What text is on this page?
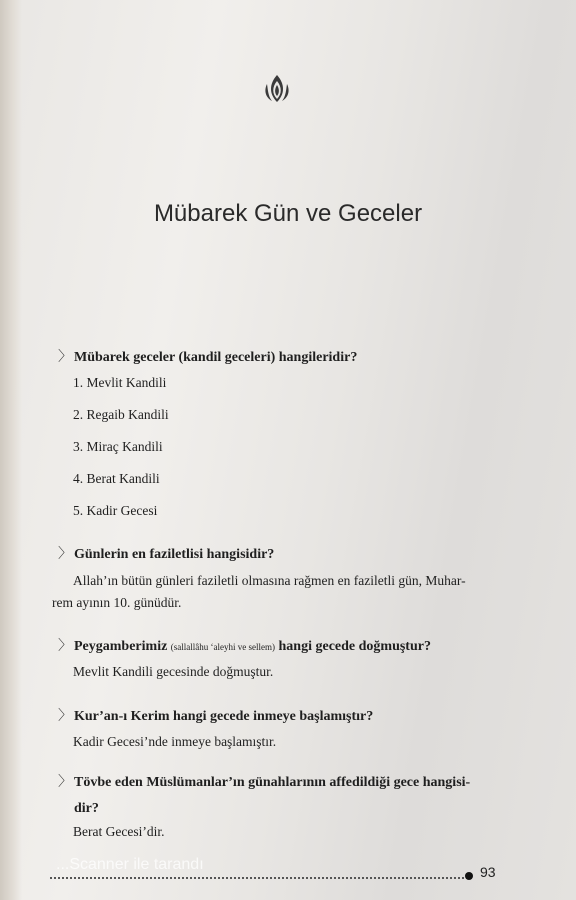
Mübarek Gün ve Geceler
〉 Mübarek geceler (kandil geceleri) hangileridir?
1. Mevlit Kandili
2. Regaib Kandili
3. Miraç Kandili
4. Berat Kandili
5. Kadir Gecesi
〉 Günlerin en faziletlisi hangisidir?
Allah’ın bütün günleri faziletli olmasına rağmen en faziletli gün, Muhar-
rem ayının 10. günüdür.
〉 Peygamberimiz (sallallâhu ‘aleyhi ve sellem) hangi gecede doğmuştur?
Mevlit Kandili gecesinde doğmuştur.
〉 Kur’an-ı Kerim hangi gecede inmeye başlamıştır?
Kadir Gecesi’nde inmeye başlamıştır.
〉 Tövbe eden Müslümanlar’ın günahlarının affedildiği gece hangisi-
dir?
Berat Gecesi’dir.
...Scanner ile tarandı	93
